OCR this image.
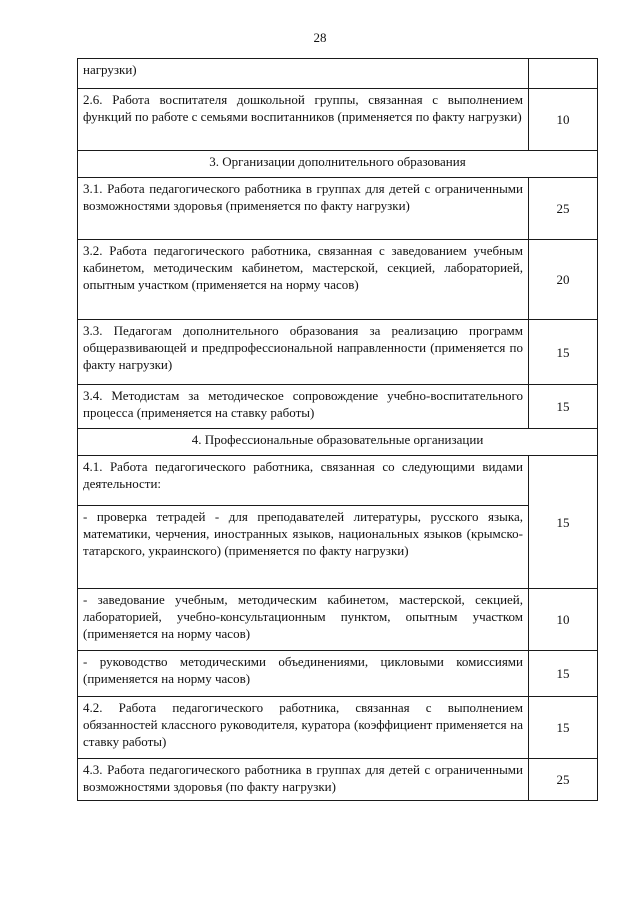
28
нагрузки)	
2.6. Работа воспитателя дошкольной группы, связанная с выполнением функций по работе с семьями воспитанников (применяется по факту нагрузки)	10
3. Организации дополнительного образования	
3.1. Работа педагогического работника в группах для детей с ограниченными возможностями здоровья (применяется по факту нагрузки)	25
3.2. Работа педагогического работника, связанная с заведованием учебным кабинетом, методическим кабинетом, мастерской, секцией, лабораторией, опытным участком (применяется на норму часов)	20
3.3. Педагогам дополнительного образования за реализацию программ общеразвивающей и предпрофессиональной направленности (применяется по факту нагрузки)	15
3.4. Методистам за методическое сопровождение учебно-воспитательного процесса (применяется на ставку работы)	15
4. Профессиональные образовательные организации	
4.1. Работа педагогического работника, связанная со следующими видами деятельности:	15
- проверка тетрадей - для преподавателей литературы, русского языка, математики, черчения, иностранных языков, национальных языков (крымско-татарского, украинского) (применяется по факту нагрузки)	
- заведование учебным, методическим кабинетом, мастерской, секцией, лабораторией, учебно-консультационным пунктом, опытным участком (применяется на норму часов)	10
- руководство методическими объединениями, цикловыми комиссиями (применяется на норму часов)	15
4.2. Работа педагогического работника, связанная с выполнением обязанностей классного руководителя, куратора (коэффициент применяется на ставку работы)	15
4.3. Работа педагогического работника в группах для детей с ограниченными возможностями здоровья (по факту нагрузки)	25
